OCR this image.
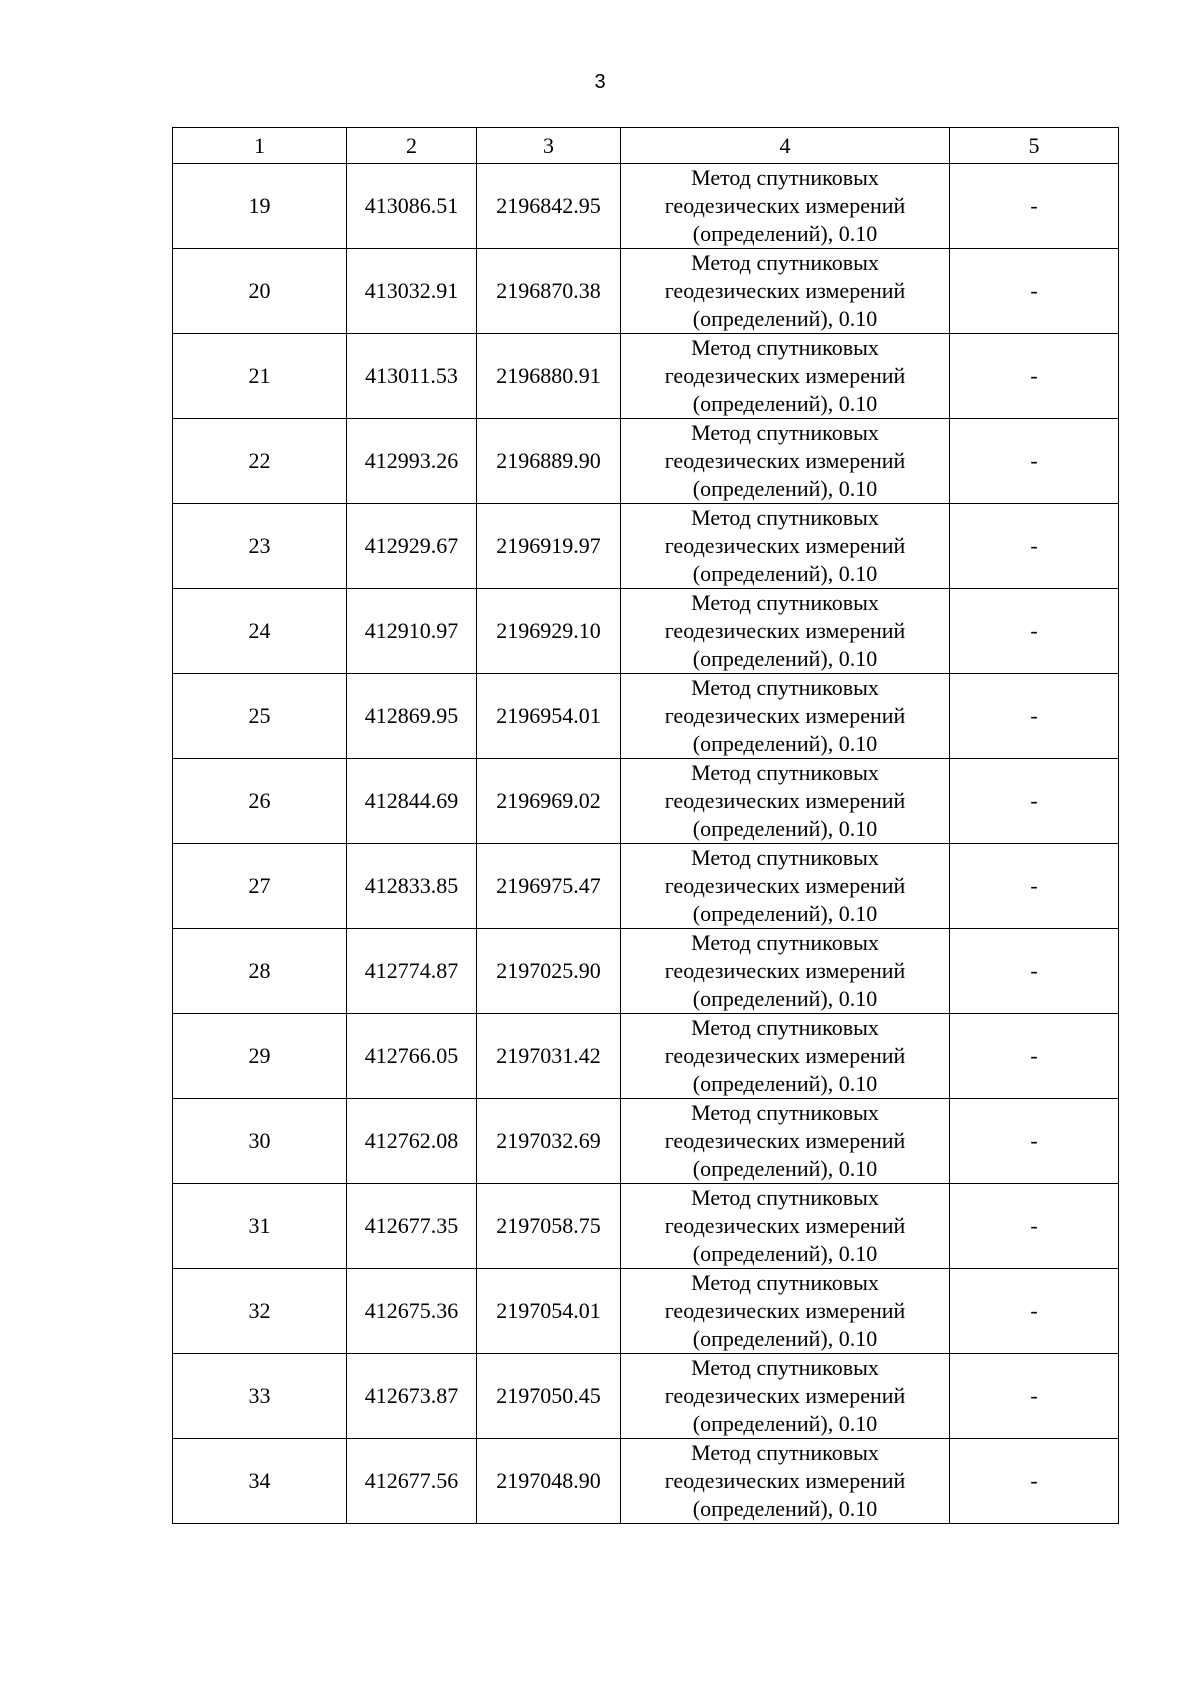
3
1	2	3	4	5
19	413086.51	2196842.95	Метод спутниковых
геодезических измерений
(определений), 0.10	-
20	413032.91	2196870.38	Метод спутниковых
геодезических измерений
(определений), 0.10	-
21	413011.53	2196880.91	Метод спутниковых
геодезических измерений
(определений), 0.10	-
22	412993.26	2196889.90	Метод спутниковых
геодезических измерений
(определений), 0.10	-
23	412929.67	2196919.97	Метод спутниковых
геодезических измерений
(определений), 0.10	-
24	412910.97	2196929.10	Метод спутниковых
геодезических измерений
(определений), 0.10	-
25	412869.95	2196954.01	Метод спутниковых
геодезических измерений
(определений), 0.10	-
26	412844.69	2196969.02	Метод спутниковых
геодезических измерений
(определений), 0.10	-
27	412833.85	2196975.47	Метод спутниковых
геодезических измерений
(определений), 0.10	-
28	412774.87	2197025.90	Метод спутниковых
геодезических измерений
(определений), 0.10	-
29	412766.05	2197031.42	Метод спутниковых
геодезических измерений
(определений), 0.10	-
30	412762.08	2197032.69	Метод спутниковых
геодезических измерений
(определений), 0.10	-
31	412677.35	2197058.75	Метод спутниковых
геодезических измерений
(определений), 0.10	-
32	412675.36	2197054.01	Метод спутниковых
геодезических измерений
(определений), 0.10	-
33	412673.87	2197050.45	Метод спутниковых
геодезических измерений
(определений), 0.10	-
34	412677.56	2197048.90	Метод спутниковых
геодезических измерений
(определений), 0.10	-
